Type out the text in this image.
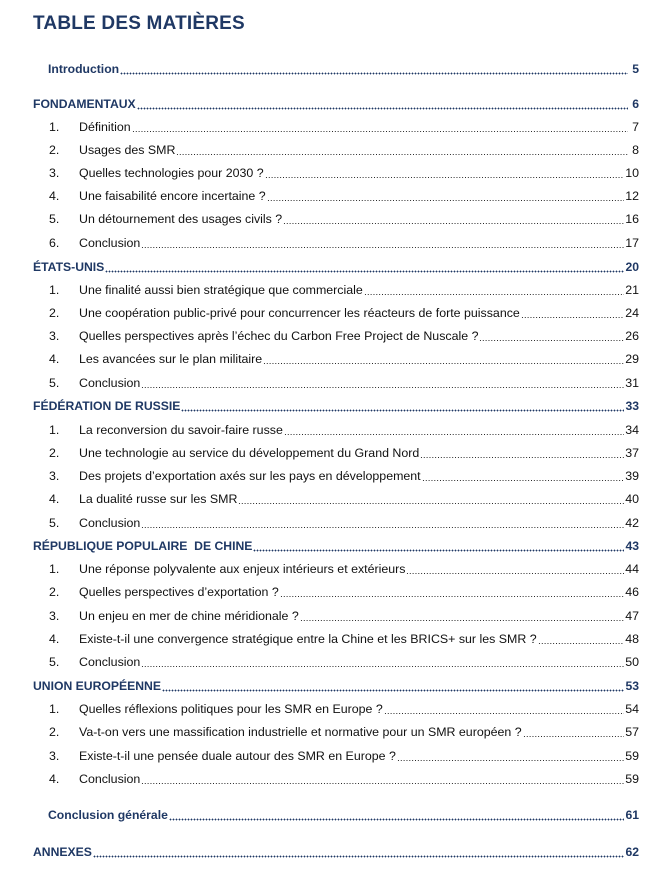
TABLE DES MATIÈRES
Introduction	5
FONDAMENTAUX	6
1. Définition	7
2. Usages des SMR	8
3. Quelles technologies pour 2030 ?	10
4. Une faisabilité encore incertaine ?	12
5. Un détournement des usages civils ?	16
6. Conclusion	17
ÉTATS-UNIS	20
1. Une finalité aussi bien stratégique que commerciale	21
2. Une coopération public-privé pour concurrencer les réacteurs de forte puissance	24
3. Quelles perspectives après l’échec du Carbon Free Project de Nuscale ?	26
4. Les avancées sur le plan militaire	29
5. Conclusion	31
FÉDÉRATION DE RUSSIE	33
1. La reconversion du savoir-faire russe	34
2. Une technologie au service du développement du Grand Nord	37
3. Des projets d’exportation axés sur les pays en développement	39
4. La dualité russe sur les SMR	40
5. Conclusion	42
RÉPUBLIQUE POPULAIRE  DE CHINE	43
1. Une réponse polyvalente aux enjeux intérieurs et extérieurs	44
2. Quelles perspectives d’exportation ?	46
3. Un enjeu en mer de chine méridionale ?	47
4. Existe-t-il une convergence stratégique entre la Chine et les BRICS+ sur les SMR ?	48
5. Conclusion	50
UNION EUROPÉENNE	53
1. Quelles réflexions politiques pour les SMR en Europe ?	54
2. Va-t-on vers une massification industrielle et normative pour un SMR européen ?	57
3. Existe-t-il une pensée duale autour des SMR en Europe ?	59
4. Conclusion	59
Conclusion générale	61
ANNEXES	62
